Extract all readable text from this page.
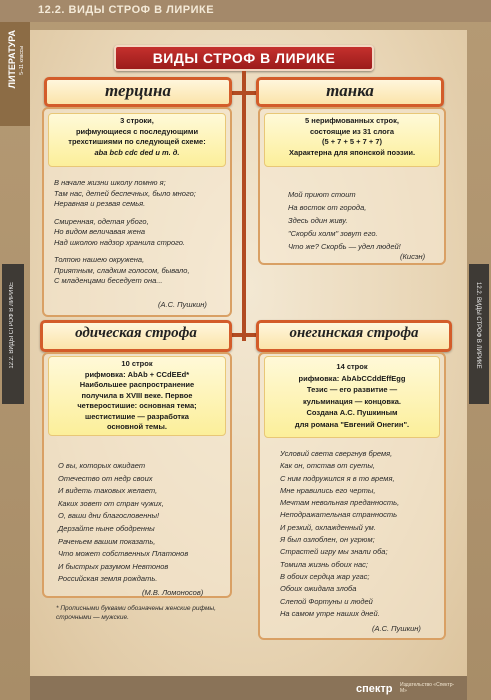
12.2. ВИДЫ СТРОФ В ЛИРИКЕ
ЛИТЕРАТУРА 5–11 классы
12.2. ВИДЫ СТРОФ В ЛИРИКЕ	12.2. ВИДЫ СТРОФ В ЛИРИКЕ
спектр Издательство «Спектр-М»
ВИДЫ СТРОФ В ЛИРИКЕ
терцина
3 строки,
рифмующиеся с последующими
трехстишиями по следующей схеме:
aba bcb cdc ded и т. д.
В начале жизни школу помню я;
Там нас, детей беспечных, было много;
Неравная и резвая семья.
Смиренная, одетая убого,
Но видом величавая жена
Над школою надзор хранила строго.
Толпою нашею окружена,
Приятным, сладким голосом, бывало,
С младенцами беседует она...
(А.С. Пушкин)
танка
5 нерифмованных строк,
состоящие из 31 слога
(5 + 7 + 5 + 7 + 7)
Характерна для японской поэзии.
Мой приют стоит
На восток от города,
Здесь один живу.
"Скорби холм" зовут его.
Что же? Скорбь — удел людей!
(Кисэн)
одическая строфа
10 строк
рифмовка: AbAb + CCdEEd*
Наибольшее распространение
получила в XVIII веке. Первое
четверостишие: основная тема;
шестистишие — разработка
основной темы.
О вы, которых ожидает
Отечество от недр своих
И видеть таковых желает,
Каких зовет от стран чужих,
О, ваши дни благословенны!
Дерзайте ныне ободренны
Раченьем вашим показать,
Что может собственных Платонов
И быстрых разумом Невтонов
Российская земля рождать.
(М.В. Ломоносов)
* Прописными буквами обозначены женские рифмы, строчными — мужские.
онегинская строфа
14 строк
рифмовка: AbAbCCddEffEgg
Тезис — его развитие —
кульминация — концовка.
Создана А.С. Пушкиным
для романа "Евгений Онегин".
Условий света свергнув бремя,
Как он, отстав от суеты,
С ним подружился я в то время,
Мне нравились его черты,
Мечтам невольная преданность,
Неподражательная странность
И резкий, охлажденный ум.
Я был озлоблен, он угрюм;
Страстей игру мы знали оба;
Томила жизнь обоих нас;
В обоих сердца жар угас;
Обоих ожидала злоба
Слепой Фортуны и людей
На самом утре наших дней.
(А.С. Пушкин)
